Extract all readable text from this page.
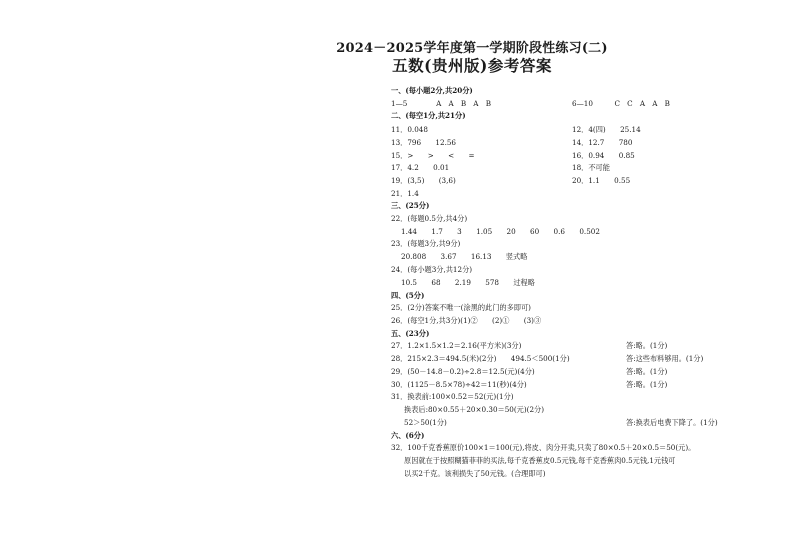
2024－2025学年度第一学期阶段性练习(二)
五数(贵州版)参考答案
一、(每小题2分,共20分)
1—5　　　　A　A　B　A　B	6—10　　　C　C　A　A　B
二、(每空1分,共21分)
11．0.048	12．4(四)　　25.14
13．796　　12.56	14．12.7　　780
15．>　　>　　<　　=	16．0.94　　0.85
17．4.2　　0.01	18．不可能
19．(3,5)　　(3,6)	20．1.1　　0.55
21．1.4
三、(25分)
22．(每题0.5分,共4分)
1.44　　1.7　　3　　1.05　　20　　60　　0.6　　0.502
23．(每题3分,共9分)
20.808　　3.67　　16.13　　竖式略
24．(每小题3分,共12分)
10.5　　68　　2.19　　578　　过程略
四、(5分)
25．(2分)答案不唯一(涂黑的此门的多即可)
26．(每空1分,共3分)(1)②　　(2)①　　(3)③
五、(23分)
27．1.2×1.5×1.2＝2.16(平方米)(3分)	答:略。(1分)
28．215×2.3＝494.5(米)(2分)　　494.5＜500(1分)	答:这些布料够用。(1分)
29．(50－14.8－0.2)÷2.8＝12.5(元)(4分)	答:略。(1分)
30．(1125－8.5×78)÷42＝11(秒)(4分)	答:略。(1分)
31．换表前:100×0.52＝52(元)(1分)
换表后:80×0.55＋20×0.30＝50(元)(2分)
52＞50(1分)	答:换表后电费下降了。(1分)
六、(6分)
32．100千克香蕉原价100×1＝100(元),将皮、肉分开卖,只卖了80×0.5＋20×0.5＝50(元)。
原因就在于按照糊猫菲菲的买法,每千克香蕉皮0.5元钱,每千克香蕉肉0.5元钱,1元钱可
以买2千克。该利损失了50元钱。(合理即可)
